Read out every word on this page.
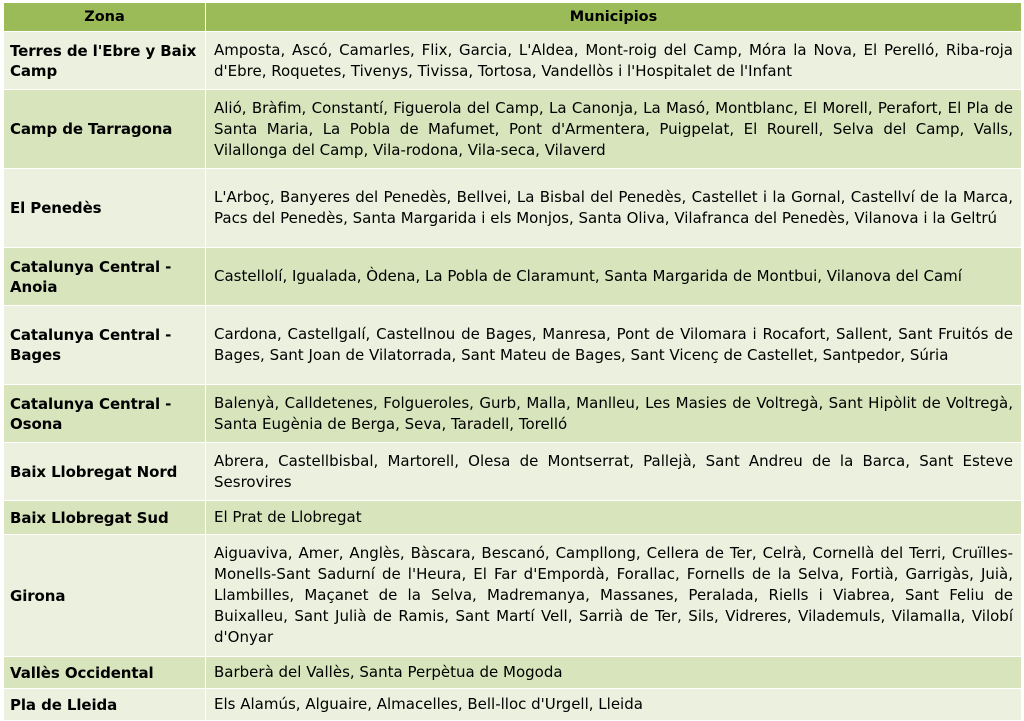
Zona	Municipios
Terres de l'Ebre y Baix Camp	Amposta, Ascó, Camarles, Flix, Garcia, L'Aldea, Mont-roig del Camp, Móra la Nova, El Perelló, Riba-roja d'Ebre, Roquetes, Tivenys, Tivissa, Tortosa, Vandellòs i l'Hospitalet de l'Infant
Camp de Tarragona	Alió, Bràfim, Constantí, Figuerola del Camp, La Canonja, La Masó, Montblanc, El Morell, Perafort, El Pla de Santa Maria, La Pobla de Mafumet, Pont d'Armentera, Puigpelat, El Rourell, Selva del Camp, Valls, Vilallonga del Camp, Vila-rodona, Vila-seca, Vilaverd
El Penedès	L'Arboç, Banyeres del Penedès, Bellvei, La Bisbal del Penedès, Castellet i la Gornal, Castellví de la Marca, Pacs del Penedès, Santa Margarida i els Monjos, Santa Oliva, Vilafranca del Penedès, Vilanova i la Geltrú
Catalunya Central - Anoia	Castellolí, Igualada, Òdena, La Pobla de Claramunt, Santa Margarida de Montbui, Vilanova del Camí
Catalunya Central - Bages	Cardona, Castellgalí, Castellnou de Bages, Manresa, Pont de Vilomara i Rocafort, Sallent, Sant Fruitós de Bages, Sant Joan de Vilatorrada, Sant Mateu de Bages, Sant Vicenç de Castellet, Santpedor, Súria
Catalunya Central - Osona	Balenyà, Calldetenes, Folgueroles, Gurb, Malla, Manlleu, Les Masies de Voltregà, Sant Hipòlit de Voltregà, Santa Eugènia de Berga, Seva, Taradell, Torelló
Baix Llobregat Nord	Abrera, Castellbisbal, Martorell, Olesa de Montserrat, Pallejà, Sant Andreu de la Barca, Sant Esteve Sesrovires
Baix Llobregat Sud	El Prat de Llobregat
Girona	Aiguaviva, Amer, Anglès, Bàscara, Bescanó, Campllong, Cellera de Ter, Celrà, Cornellà del Terri, Cruïlles-Monells-Sant Sadurní de l'Heura, El Far d'Empordà, Forallac, Fornells de la Selva, Fortià, Garrigàs, Juià, Llambilles, Maçanet de la Selva, Madremanya, Massanes, Peralada, Riells i Viabrea, Sant Feliu de Buixalleu, Sant Julià de Ramis, Sant Martí Vell, Sarrià de Ter, Sils, Vidreres, Vilademuls, Vilamalla, Vilobí d'Onyar
Vallès Occidental	Barberà del Vallès, Santa Perpètua de Mogoda
Pla de Lleida	Els Alamús, Alguaire, Almacelles, Bell-lloc d'Urgell, Lleida
